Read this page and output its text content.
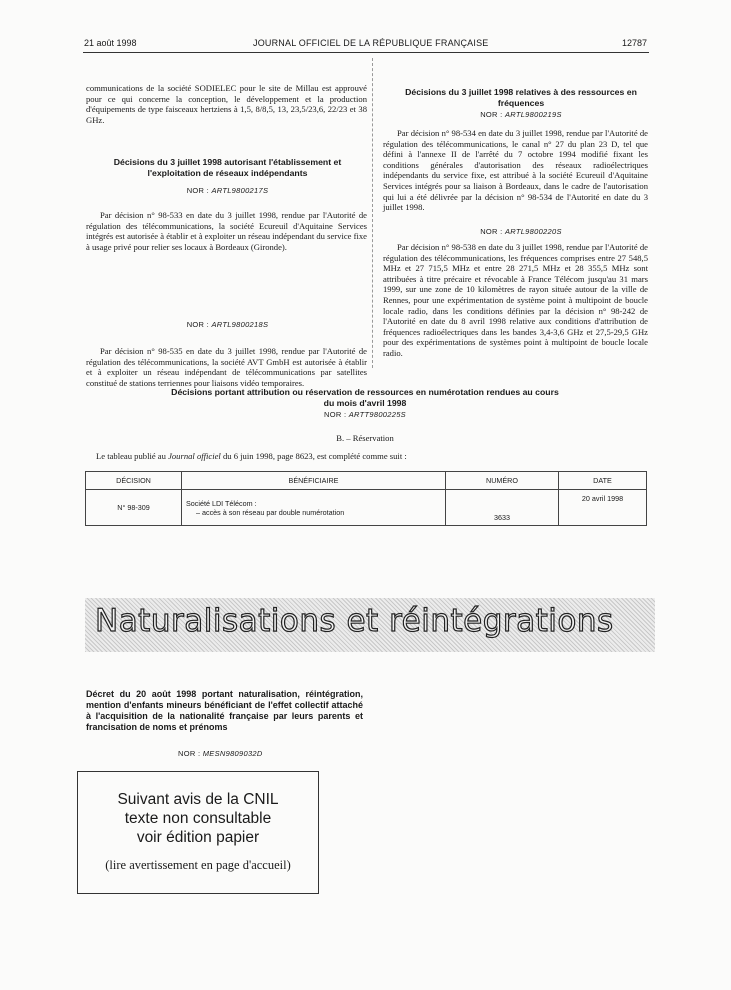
21 août 1998	JOURNAL OFFICIEL DE LA RÉPUBLIQUE FRANÇAISE	12787

communications de la société SODIELEC pour le site de Millau est approuvé pour ce qui concerne la conception, le développement et la production d'équipements de type faisceaux hertziens à 1,5, 8/8,5, 13, 23,5/23,6, 22/23 et 38 GHz.

Décisions du 3 juillet 1998 autorisant l'établissement et l'exploitation de réseaux indépendants
NOR : ARTL9800217S

Par décision n° 98-533 en date du 3 juillet 1998, rendue par l'Autorité de régulation des télécommunications, la société Ecureuil d'Aquitaine Services intégrés est autorisée à établir et à exploiter un réseau indépendant du service fixe à usage privé pour relier ses locaux à Bordeaux (Gironde).

NOR : ARTL9800218S

Par décision n° 98-535 en date du 3 juillet 1998, rendue par l'Autorité de régulation des télécommunications, la société AVT GmbH est autorisée à établir et à exploiter un réseau indépendant de télécommunications par satellites constitué de stations terriennes pour liaisons vidéo temporaires.

Décisions du 3 juillet 1998 relatives à des ressources en fréquences
NOR : ARTL9800219S

Par décision n° 98-534 en date du 3 juillet 1998, rendue par l'Autorité de régulation des télécommunications, le canal n° 27 du plan 23 D, tel que défini à l'annexe II de l'arrêté du 7 octobre 1994 modifié fixant les conditions générales d'autorisation des réseaux radioélectriques indépendants du service fixe, est attribué à la société Ecureuil d'Aquitaine Services intégrés pour sa liaison à Bordeaux, dans le cadre de l'autorisation qui lui a été délivrée par la décision n° 98-534 de l'Autorité en date du 3 juillet 1998.

NOR : ARTL9800220S

Par décision n° 98-538 en date du 3 juillet 1998, rendue par l'Autorité de régulation des télécommunications, les fréquences comprises entre 27 548,5 MHz et 27 715,5 MHz et entre 28 271,5 MHz et 28 355,5 MHz sont attribuées à titre précaire et révocable à France Télécom jusqu'au 31 mars 1999, sur une zone de 10 kilomètres de rayon située autour de la ville de Rennes, pour une expérimentation de système point à multipoint de boucle locale radio, dans les conditions définies par la décision n° 98-242 de l'Autorité en date du 8 avril 1998 relative aux conditions d'attribution de fréquences radioélectriques dans les bandes 3,4-3,6 GHz et 27,5-29,5 GHz pour des expérimentations de systèmes point à multipoint de boucle locale radio.

Décisions portant attribution ou réservation de ressources en numérotation rendues au cours du mois d'avril 1998
NOR : ARTT9800225S
B. – Réservation
Le tableau publié au Journal officiel du 6 juin 1998, page 8623, est complété comme suit :
DÉCISION	BÉNÉFICIAIRE	NUMÉRO	DATE
N° 98-309	Société LDI Télécom :
– accès à son réseau par double numérotation	3633	20 avril 1998
Naturalisations et réintégrations
Décret du 20 août 1998 portant naturalisation, réintégration, mention d'enfants mineurs bénéficiant de l'effet collectif attaché à l'acquisition de la nationalité française par leurs parents et francisation de noms et prénoms
NOR : MESN9809032D
Suivant avis de la CNIL
texte non consultable
voir édition papier
(lire avertissement en page d'accueil)
